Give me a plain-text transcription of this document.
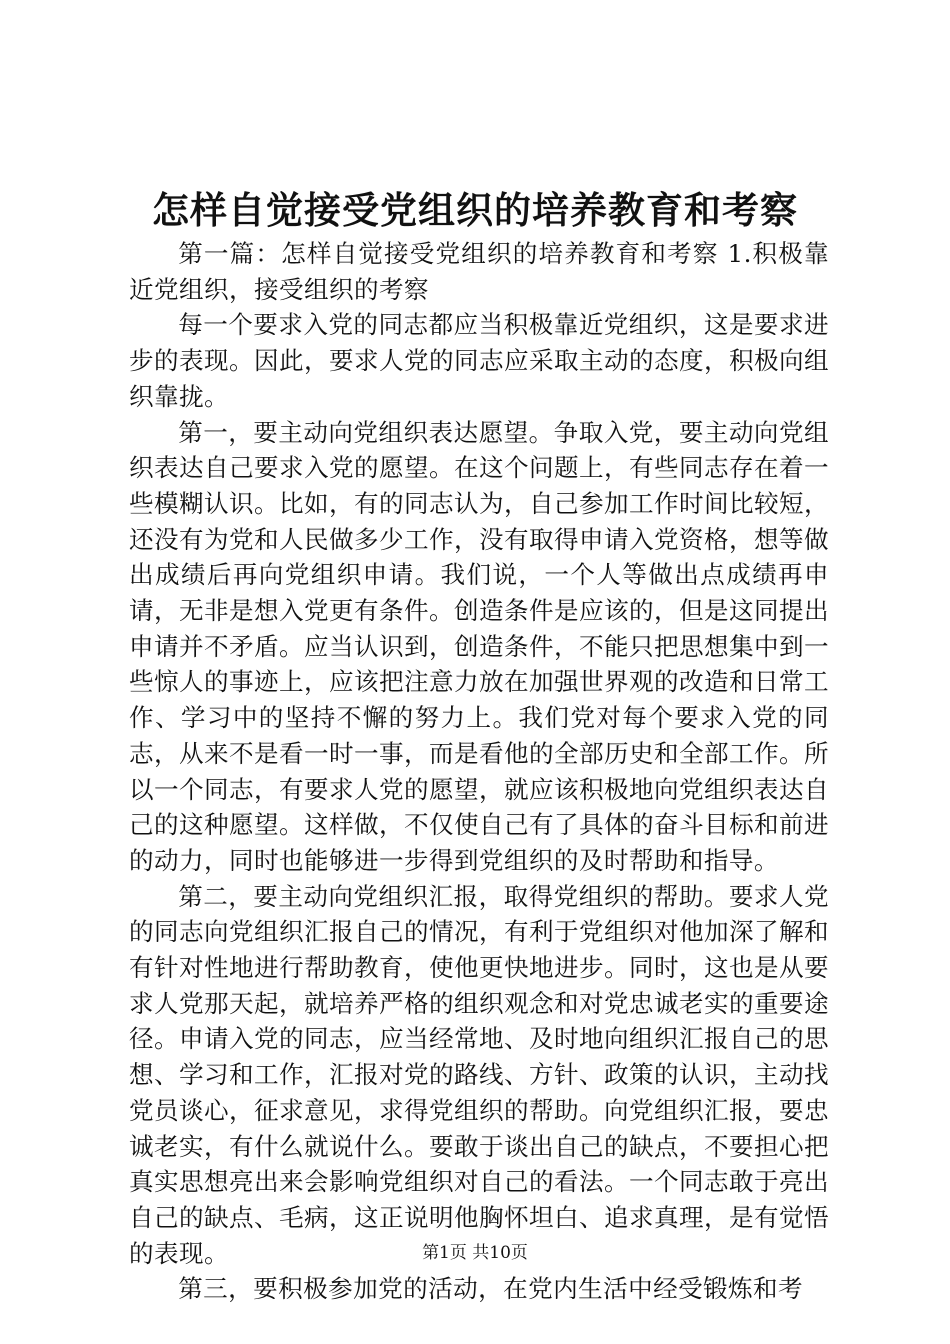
怎样自觉接受党组织的培养教育和考察

第一篇：怎样自觉接受党组织的培养教育和考察 1.积极靠近党组织，接受组织的考察

每一个要求入党的同志都应当积极靠近党组织，这是要求进步的表现。因此，要求人党的同志应采取主动的态度，积极向组织靠拢。

第一，要主动向党组织表达愿望。争取入党，要主动向党组织表达自己要求入党的愿望。在这个问题上，有些同志存在着一些模糊认识。比如，有的同志认为，自己参加工作时间比较短，还没有为党和人民做多少工作，没有取得申请入党资格，想等做出成绩后再向党组织申请。我们说，一个人等做出点成绩再申请，无非是想入党更有条件。创造条件是应该的，但是这同提出申请并不矛盾。应当认识到，创造条件，不能只把思想集中到一些惊人的事迹上，应该把注意力放在加强世界观的改造和日常工作、学习中的坚持不懈的努力上。我们党对每个要求入党的同志，从来不是看一时一事，而是看他的全部历史和全部工作。所以一个同志，有要求人党的愿望，就应该积极地向党组织表达自己的这种愿望。这样做，不仅使自己有了具体的奋斗目标和前进的动力，同时也能够进一步得到党组织的及时帮助和指导。

第二，要主动向党组织汇报，取得党组织的帮助。要求人党的同志向党组织汇报自己的情况，有利于党组织对他加深了解和有针对性地进行帮助教育，使他更快地进步。同时，这也是从要求人党那天起，就培养严格的组织观念和对党忠诚老实的重要途径。申请入党的同志，应当经常地、及时地向组织汇报自己的思想、学习和工作，汇报对党的路线、方针、政策的认识，主动找党员谈心，征求意见，求得党组织的帮助。向党组织汇报，要忠诚老实，有什么就说什么。要敢于谈出自己的缺点，不要担心把真实思想亮出来会影响党组织对自己的看法。一个同志敢于亮出自己的缺点、毛病，这正说明他胸怀坦白、追求真理，是有觉悟的表现。

第三，要积极参加党的活动，在党内生活中经受锻炼和考

第1页 共10页
